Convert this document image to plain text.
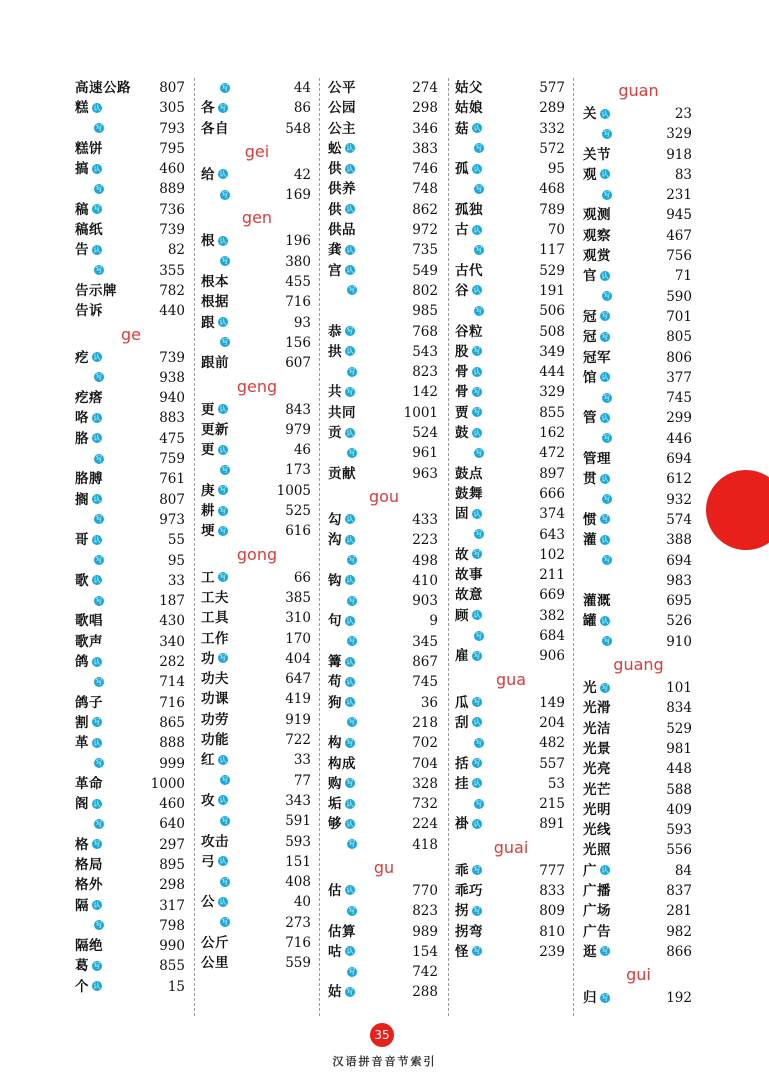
高速公路 807
糕 认	305
写	793
糕饼	795
搞 认	460
写	889
稿 写	736
稿纸	739
告 认	82
写	355
告示牌	782
告诉	440
ge
疙 认	739
写	938
疙瘩	940
咯 认	883
胳 认	475
写	759
胳膊	761
搁 认	807
写	973
哥 认	55
写	95
歌 认	33
写	187
歌唱	430
歌声	340
鸽 认	282
写	714
鸽子	716
割 写	865
革 认	888
写	999
革命	1000
阁 认	460
写	640
格 写	297
格局	895
格外	298
隔 认	317
写	798
隔绝	990
葛 写	855
个 认	15
写	44
各 写	86
各自	548
gei
给 认	42
写	169
gen
根 认	196
写	380
根本	455
根据	716
跟 认	93
写	156
跟前	607
geng
更 认	843
更新	979
更 认	46
写	173
庚 写	1005
耕 写	525
埂 写	616
gong
工 写	66
工夫	385
工具	310
工作	170
功 写	404
功夫	647
功课	419
功劳	919
功能	722
红 认	33
写	77
攻 认	343
写	591
攻击	593
弓 认	151
写	408
公 认	40
写	273
公斤	716
公里	559
公平	274
公园	298
公主	346
蚣 认	383
供 认	746
供养	748
供 认	862
供品	972
龚 认	735
宫 认	549
写	802
985
恭 写	768
拱 认	543
写	823
共 写	142
共同	1001
贡 认	524
写	961
贡献	963
gou
勾 认	433
沟 认	223
写	498
钩 认	410
写	903
句 认	9
写	345
篝 认	867
苟 认	745
狗 认	36
写	218
构 写	702
构成	704
购 写	328
垢 认	732
够 认	224
写	418
gu
估 认	770
写	823
估算	989
咕 认	154
写	742
姑 写	288
姑父	577
姑娘	289
菇 认	332
写	572
孤 认	95
写	468
孤独	789
古 认	70
写	117
古代	529
谷 认	191
写	506
谷粒	508
股 写	349
骨 认	444
骨 写	329
贾 写	855
鼓 认	162
写	472
鼓点	897
鼓舞	666
固 认	374
写	643
故 写	102
故事	211
故意	669
顾 认	382
写	684
雇 写	906
gua
瓜 写	149
刮 认	204
写	482
括 写	557
挂 认	53
写	215
褂 认	891
guai
乖 写	777
乖巧	833
拐 写	809
拐弯	810
怪 写	239
guan
关 认	23
写	329
关节	918
观 认	83
写	231
观测	945
观察	467
观赏	756
官 认	71
写	590
冠 写	701
冠 写	805
冠军	806
馆 认	377
写	745
管 认	299
写	446
管理	694
贯 认	612
写	932
惯 写	574
灌 认	388
写	694
983
灌溉	695
罐 认	526
写	910
guang
光 写	101
光滑	834
光洁	529
光景	981
光亮	448
光芒	588
光明	409
光线	593
光照	556
广 认	84
广播	837
广场	281
广告	982
逛 写	866
gui
归 写	192
35
汉语拼音音节索引
